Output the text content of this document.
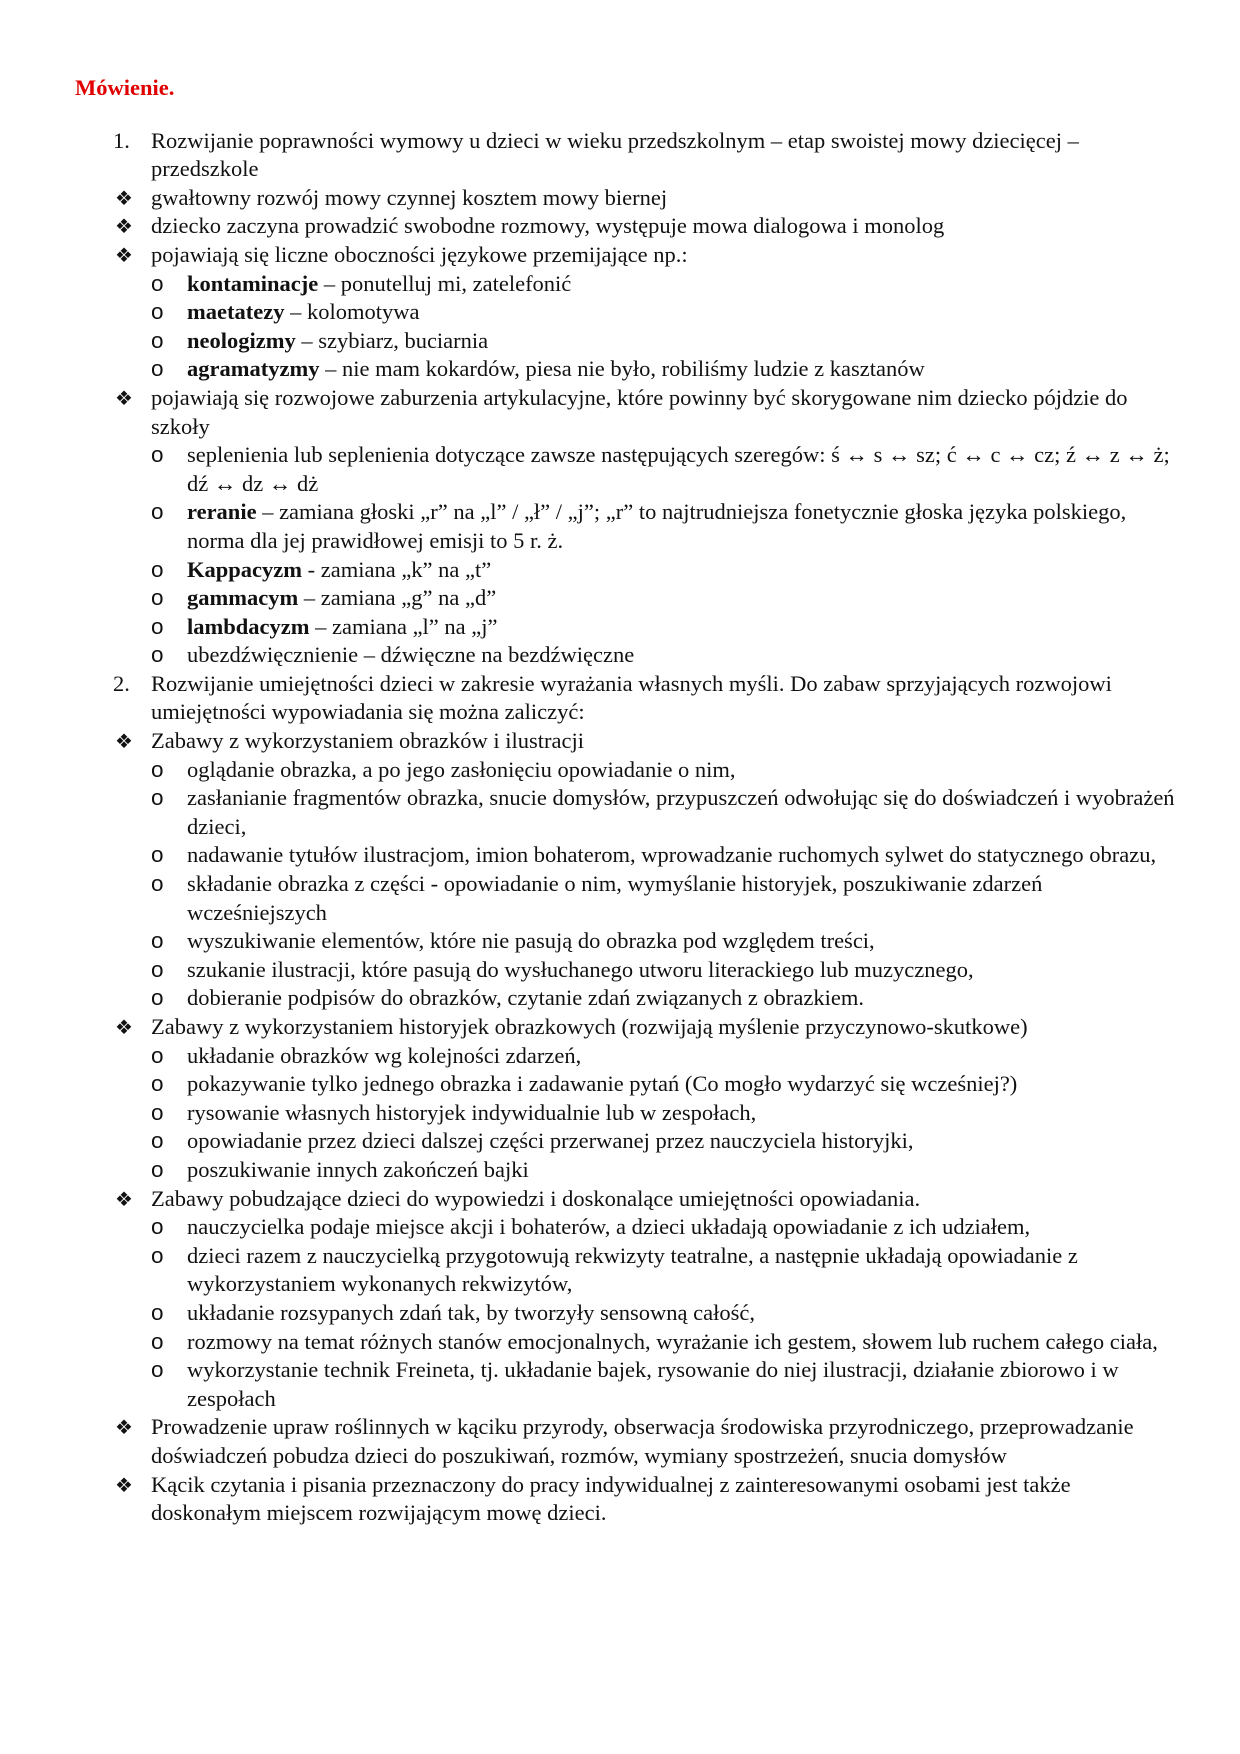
Mówienie.
1. Rozwijanie poprawności wymowy u dzieci w wieku przedszkolnym – etap swoistej mowy dziecięcej – przedszkole
❖ gwałtowny rozwój mowy czynnej kosztem mowy biernej
❖ dziecko zaczyna prowadzić swobodne rozmowy, występuje mowa dialogowa i monolog
❖ pojawiają się liczne oboczności językowe przemijające np.:
o kontaminacje – ponutelluj mi, zatelefonić
o maetatezy – kolomotywa
o neologizmy – szybiarz, buciarnia
o agramatyzmy – nie mam kokardów, piesa nie było, robiliśmy ludzie z kasztanów
❖ pojawiają się rozwojowe zaburzenia artykulacyjne, które powinny być skorygowane nim dziecko pójdzie do szkoły
o seplenienia lub seplenienia dotyczące zawsze następujących szeregów: ś ↔ s ↔ sz; ć ↔ c ↔ cz; ź ↔ z ↔ ż; dź ↔ dz ↔ dż
o reranie – zamiana głoski „r” na „l” / „ł” / „j”; „r” to najtrudniejsza fonetycznie głoska języka polskiego, norma dla jej prawidłowej emisji to 5 r. ż.
o Kappacyzm - zamiana „k” na „t”
o gammacym – zamiana „g” na „d”
o lambdacyzm – zamiana „l” na „j”
o ubezdźwięcznienie – dźwięczne na bezdźwięczne
2. Rozwijanie umiejętności dzieci w zakresie wyrażania własnych myśli. Do zabaw sprzyjających rozwojowi umiejętności wypowiadania się można zaliczyć:
❖ Zabawy z wykorzystaniem obrazków i ilustracji
o oglądanie obrazka, a po jego zasłonięciu opowiadanie o nim,
o zasłanianie fragmentów obrazka, snucie domysłów, przypuszczeń odwołując się do doświadczeń i wyobrażeń dzieci,
o nadawanie tytułów ilustracjom, imion bohaterom, wprowadzanie ruchomych sylwet do statycznego obrazu,
o składanie obrazka z części - opowiadanie o nim, wymyślanie historyjek, poszukiwanie zdarzeń wcześniejszych
o wyszukiwanie elementów, które nie pasują do obrazka pod względem treści,
o szukanie ilustracji, które pasują do wysłuchanego utworu literackiego lub muzycznego,
o dobieranie podpisów do obrazków, czytanie zdań związanych z obrazkiem.
❖ Zabawy z wykorzystaniem historyjek obrazkowych (rozwijają myślenie przyczynowo-skutkowe)
o układanie obrazków wg kolejności zdarzeń,
o pokazywanie tylko jednego obrazka i zadawanie pytań (Co mogło wydarzyć się wcześniej?)
o rysowanie własnych historyjek indywidualnie lub w zespołach,
o opowiadanie przez dzieci dalszej części przerwanej przez nauczyciela historyjki,
o poszukiwanie innych zakończeń bajki
❖ Zabawy pobudzające dzieci do wypowiedzi i doskonalące umiejętności opowiadania.
o nauczycielka podaje miejsce akcji i bohaterów, a dzieci układają opowiadanie z ich udziałem,
o dzieci razem z nauczycielką przygotowują rekwizyty teatralne, a następnie układają opowiadanie z wykorzystaniem wykonanych rekwizytów,
o układanie rozsypanych zdań tak, by tworzyły sensowną całość,
o rozmowy na temat różnych stanów emocjonalnych, wyrażanie ich gestem, słowem lub ruchem całego ciała,
o wykorzystanie technik Freineta, tj. układanie bajek, rysowanie do niej ilustracji, działanie zbiorowo i w zespołach
❖ Prowadzenie upraw roślinnych w kąciku przyrody, obserwacja środowiska przyrodniczego, przeprowadzanie doświadczeń pobudza dzieci do poszukiwań, rozmów, wymiany spostrzeżeń, snucia domysłów
❖ Kącik czytania i pisania przeznaczony do pracy indywidualnej z zainteresowanymi osobami jest także doskonałym miejscem rozwijającym mowę dzieci.
